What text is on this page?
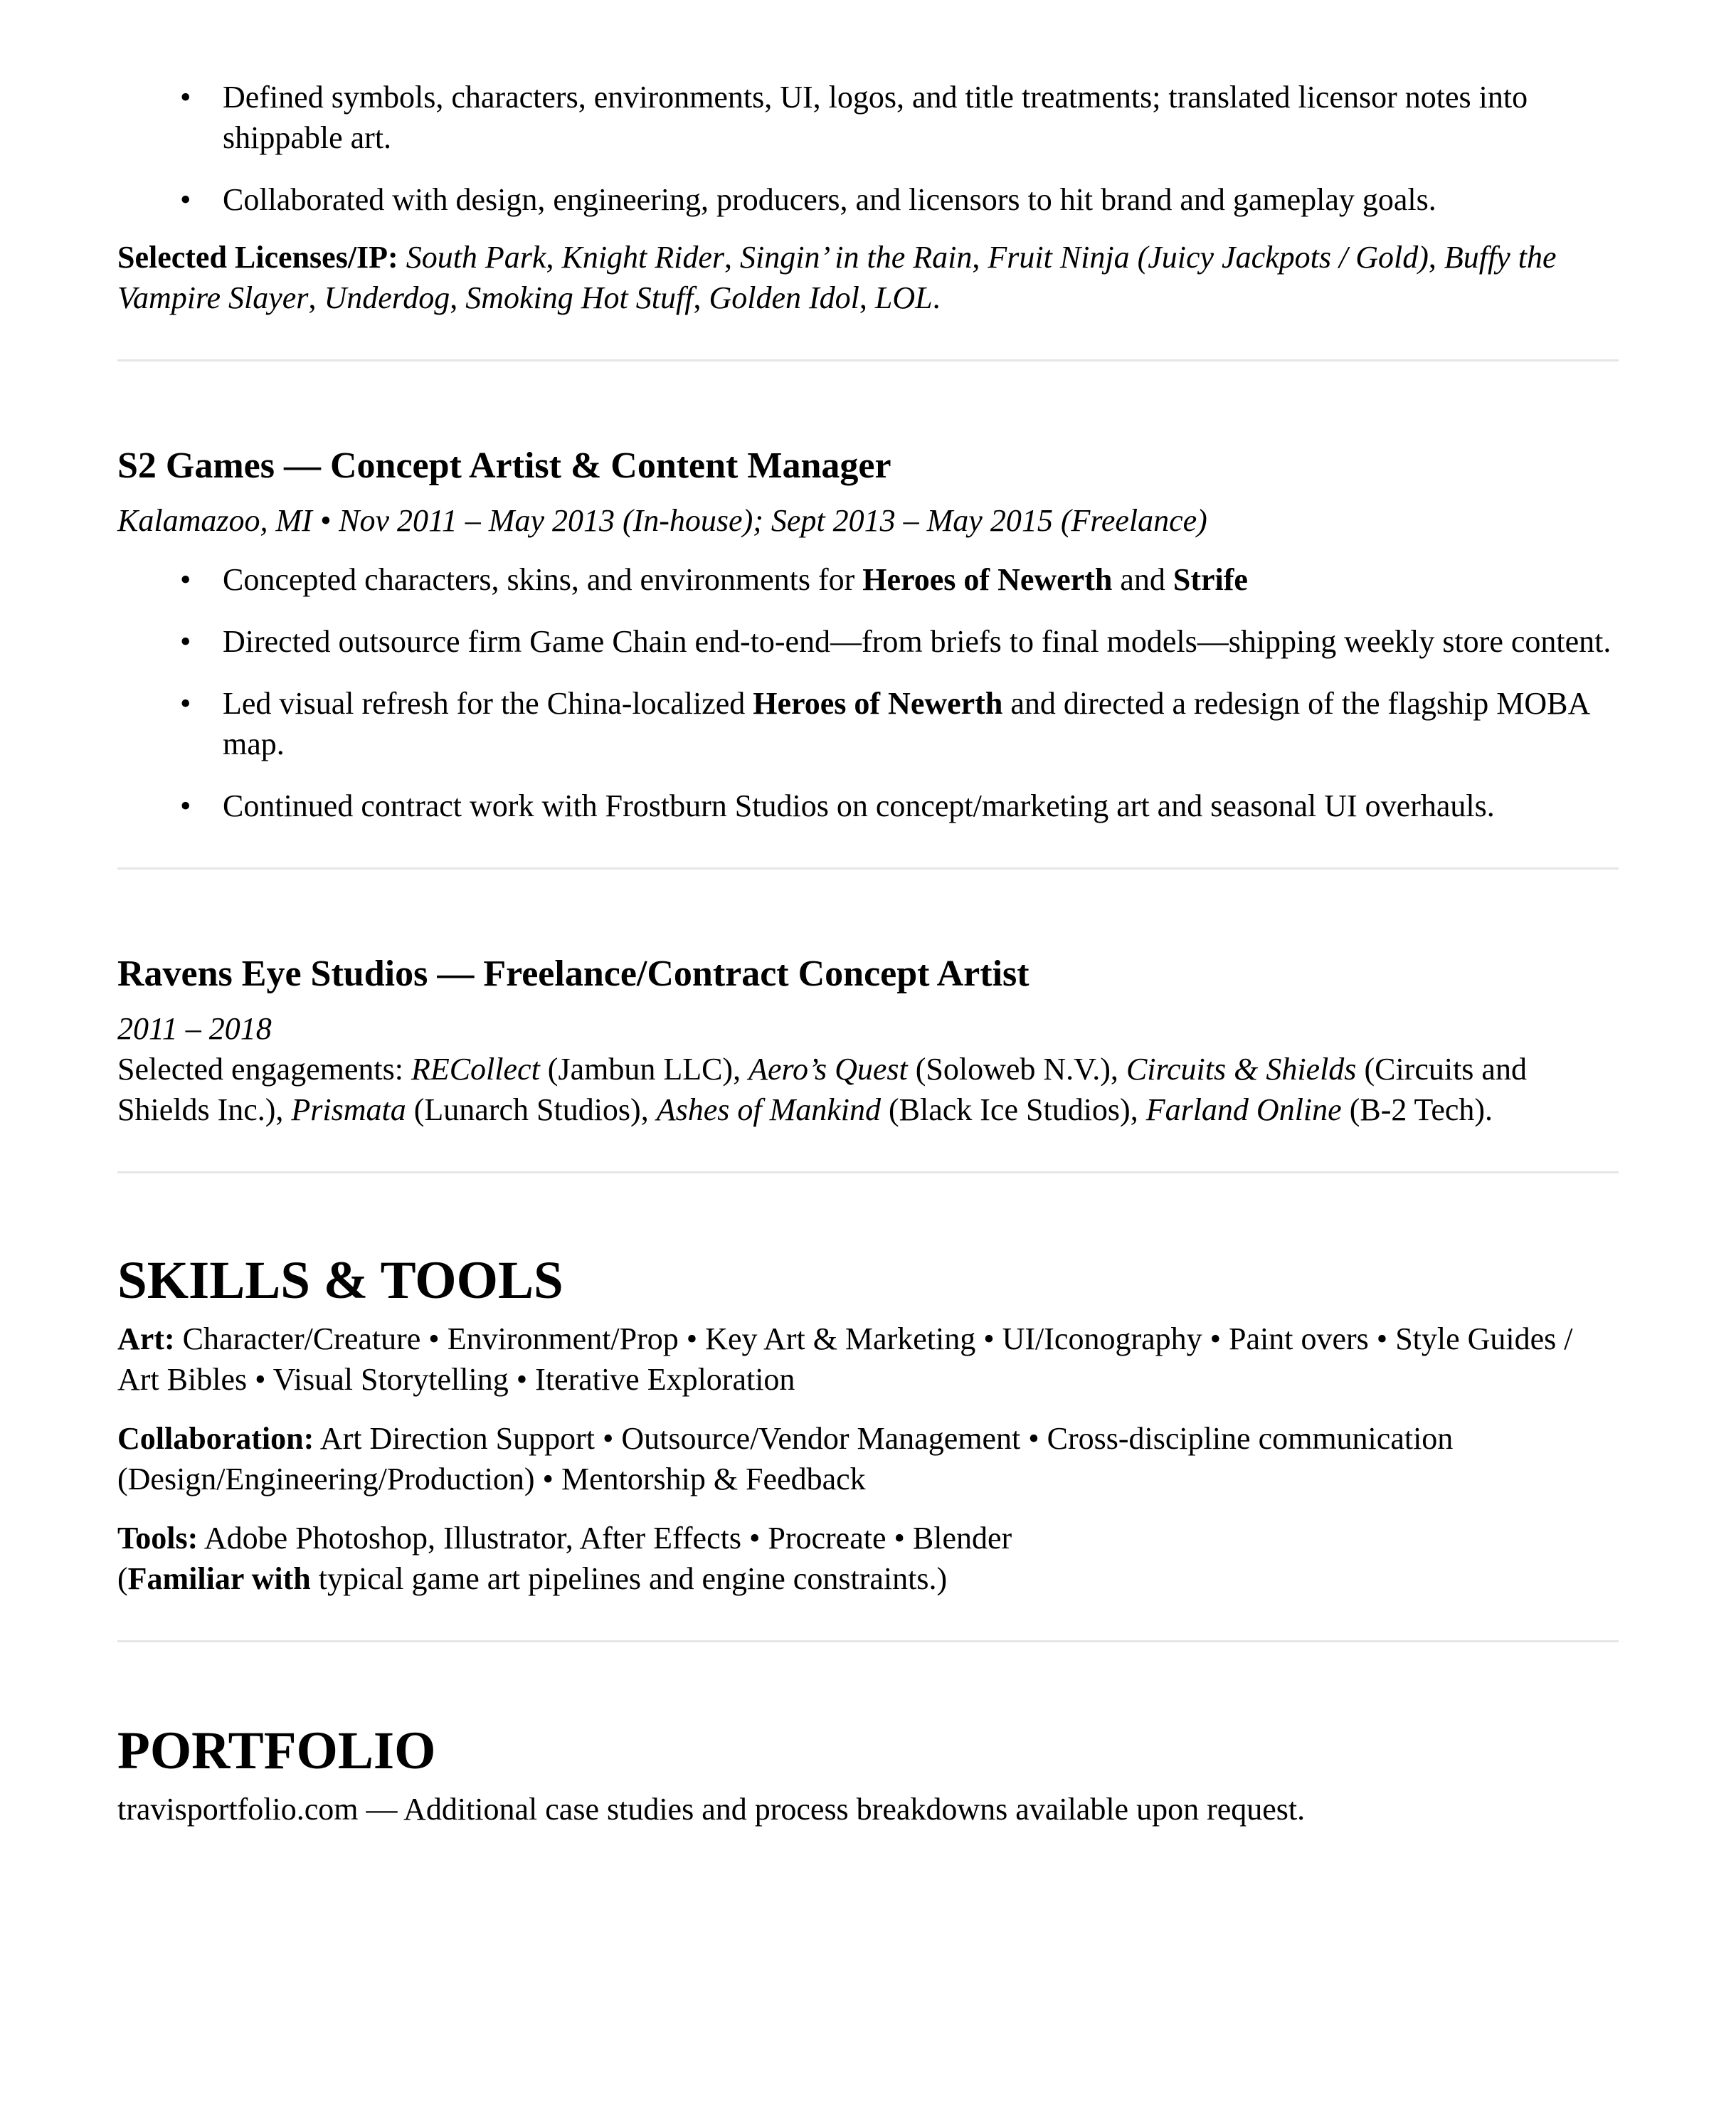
• Defined symbols, characters, environments, UI, logos, and title treatments; translated licensor notes into shippable art.
• Collaborated with design, engineering, producers, and licensors to hit brand and gameplay goals.

Selected Licenses/IP: South Park, Knight Rider, Singin’ in the Rain, Fruit Ninja (Juicy Jackpots / Gold), Buffy the Vampire Slayer, Underdog, Smoking Hot Stuff, Golden Idol, LOL.

S2 Games — Concept Artist & Content Manager

Kalamazoo, MI • Nov 2011 – May 2013 (In-house); Sept 2013 – May 2015 (Freelance)

• Concepted characters, skins, and environments for Heroes of Newerth and Strife
• Directed outsource firm Game Chain end-to-end—from briefs to final models—shipping weekly store content.
• Led visual refresh for the China-localized Heroes of Newerth and directed a redesign of the flagship MOBA map.
• Continued contract work with Frostburn Studios on concept/marketing art and seasonal UI overhauls.
Ravens Eye Studios — Freelance/Contract Concept Artist

2011 – 2018

Selected engagements: RECollect (Jambun LLC), Aero’s Quest (Soloweb N.V.), Circuits & Shields (Circuits and Shields Inc.), Prismata (Lunarch Studios), Ashes of Mankind (Black Ice Studios), Farland Online (B-2 Tech).

SKILLS & TOOLS

Art: Character/Creature • Environment/Prop • Key Art & Marketing • UI/Iconography • Paint overs • Style Guides / Art Bibles • Visual Storytelling • Iterative Exploration

Collaboration: Art Direction Support • Outsource/Vendor Management • Cross-discipline communication (Design/Engineering/Production) • Mentorship & Feedback

Tools: Adobe Photoshop, Illustrator, After Effects • Procreate • Blender
(Familiar with typical game art pipelines and engine constraints.)

PORTFOLIO

travisportfolio.com — Additional case studies and process breakdowns available upon request.
